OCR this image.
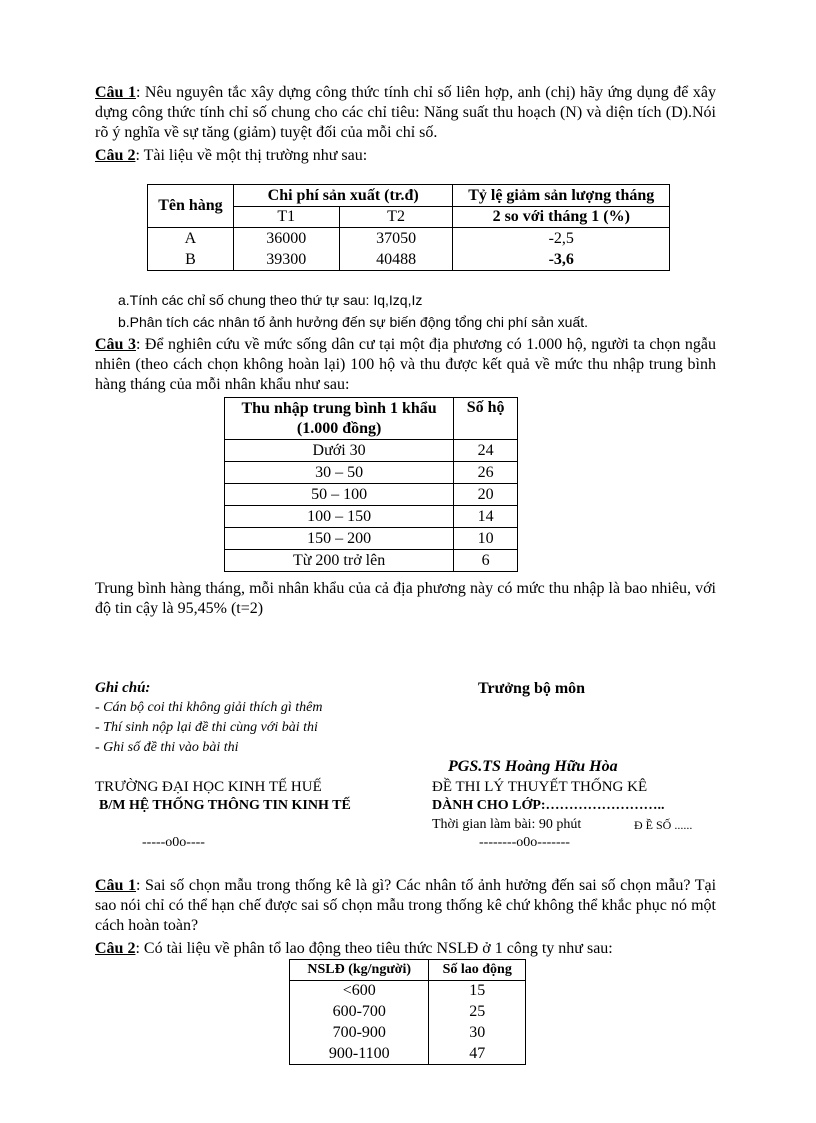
Câu 1: Nêu nguyên tắc xây dựng công thức tính chỉ số liên hợp, anh (chị) hãy ứng dụng để xây dựng công thức tính chỉ số chung cho các chỉ tiêu: Năng suất thu hoạch (N) và diện tích (D).Nói rõ ý nghĩa về sự tăng (giảm) tuyệt đối của mỗi chỉ số.

Câu 2: Tài liệu về một thị trường như sau:

Tên hàng	Chi phí sản xuất (tr.đ)		Tỷ lệ giảm sản lượng tháng
	T1	T2	2 so với tháng 1 (%)
A	36000	37050	-2,5
B	39300	40488	-3,6
a.Tính các chỉ số chung theo thứ tự sau: Iq,Izq,Iz
b.Phân tích các nhân tố ảnh hưởng đến sự biến động tổng chi phí sản xuất.

Câu 3: Để nghiên cứu về mức sống dân cư tại một địa phương có 1.000 hộ, người ta chọn ngẫu nhiên (theo cách chọn không hoàn lại) 100 hộ và thu được kết quả về mức thu nhập trung bình hàng tháng của mỗi nhân khẩu như sau:

Thu nhập trung bình 1 khẩu
(1.000 đồng)	Số hộ
Dưới 30	24
30 – 50	26
50 – 100	20
100 – 150	14
150 – 200	10
Từ 200 trở lên	6

Trung bình hàng tháng, mỗi nhân khẩu của cả địa phương này có mức thu nhập là bao nhiêu, với độ tin cậy là 95,45% (t=2)

Ghi chú:
- Cán bộ coi thi không giải thích gì thêm
- Thí sinh nộp lại đề thi cùng với bài thi
- Ghi số đề thi vào bài thi
Trưởng bộ môn
PGS.TS Hoàng Hữu Hòa
TRƯỜNG ĐẠI HỌC KINH TẾ HUẾ
B/M HỆ THỐNG THÔNG TIN KINH TẾ
-----o0o----
ĐỀ THI LÝ THUYẾT THỐNG KÊ
DÀNH CHO LỚP:……………………..
Thời gian làm bài: 90 phút	Đ Ề SỐ ......
--------o0o-------

Câu 1: Sai số chọn mẫu trong thống kê là gì? Các nhân tố ảnh hưởng đến sai số chọn mẫu? Tại sao nói chỉ có thể hạn chế được sai số chọn mẫu trong thống kê chứ không thể khắc phục nó một cách hoàn toàn?

Câu 2: Có tài liệu về phân tổ lao động theo tiêu thức NSLĐ ở 1 công ty như sau:

NSLĐ (kg/người)	Số lao động
<600	15
600-700	25
700-900	30
900-1100	47
